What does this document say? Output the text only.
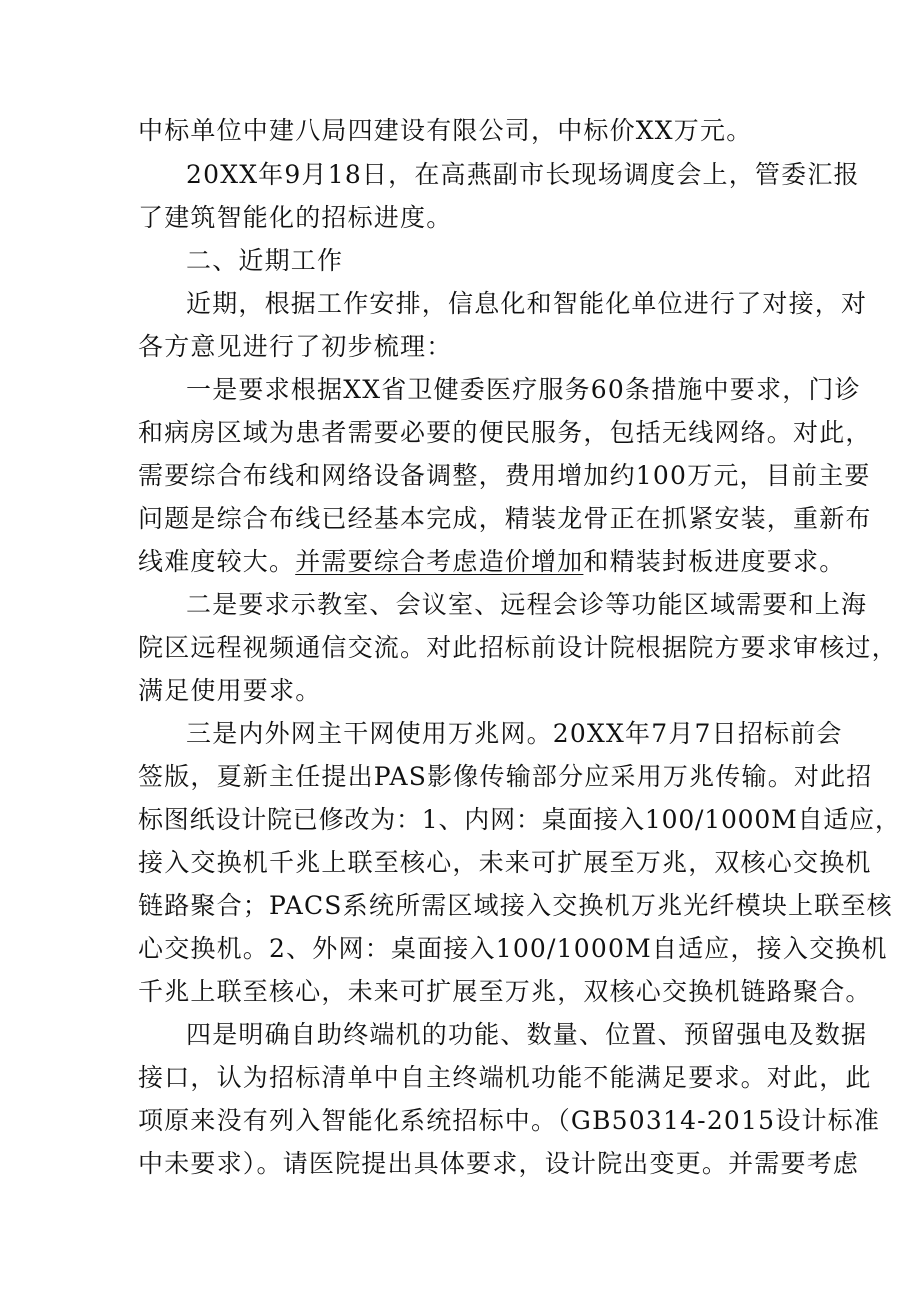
中标单位中建八局四建设有限公司，中标价XX万元。
20XX年9月18日，在高燕副市长现场调度会上，管委汇报
了建筑智能化的招标进度。
二、近期工作
近期，根据工作安排，信息化和智能化单位进行了对接，对
各方意见进行了初步梳理：
一是要求根据XX省卫健委医疗服务60条措施中要求，门诊
和病房区域为患者需要必要的便民服务，包括无线网络。对此，
需要综合布线和网络设备调整，费用增加约100万元，目前主要
问题是综合布线已经基本完成，精装龙骨正在抓紧安装，重新布
线难度较大。并需要综合考虑造价增加和精装封板进度要求。
二是要求示教室、会议室、远程会诊等功能区域需要和上海
院区远程视频通信交流。对此招标前设计院根据院方要求审核过，
满足使用要求。
三是内外网主干网使用万兆网。20XX年7月7日招标前会
签版，夏新主任提出PAS影像传输部分应采用万兆传输。对此招
标图纸设计院已修改为：1、内网：桌面接入100/1000M自适应，
接入交换机千兆上联至核心，未来可扩展至万兆，双核心交换机
链路聚合；PACS系统所需区域接入交换机万兆光纤模块上联至核
心交换机。2、外网：桌面接入100/1000M自适应，接入交换机
千兆上联至核心，未来可扩展至万兆，双核心交换机链路聚合。
四是明确自助终端机的功能、数量、位置、预留强电及数据
接口，认为招标清单中自主终端机功能不能满足要求。对此，此
项原来没有列入智能化系统招标中。（GB50314-2015设计标准
中未要求）。请医院提出具体要求，设计院出变更。并需要考虑
